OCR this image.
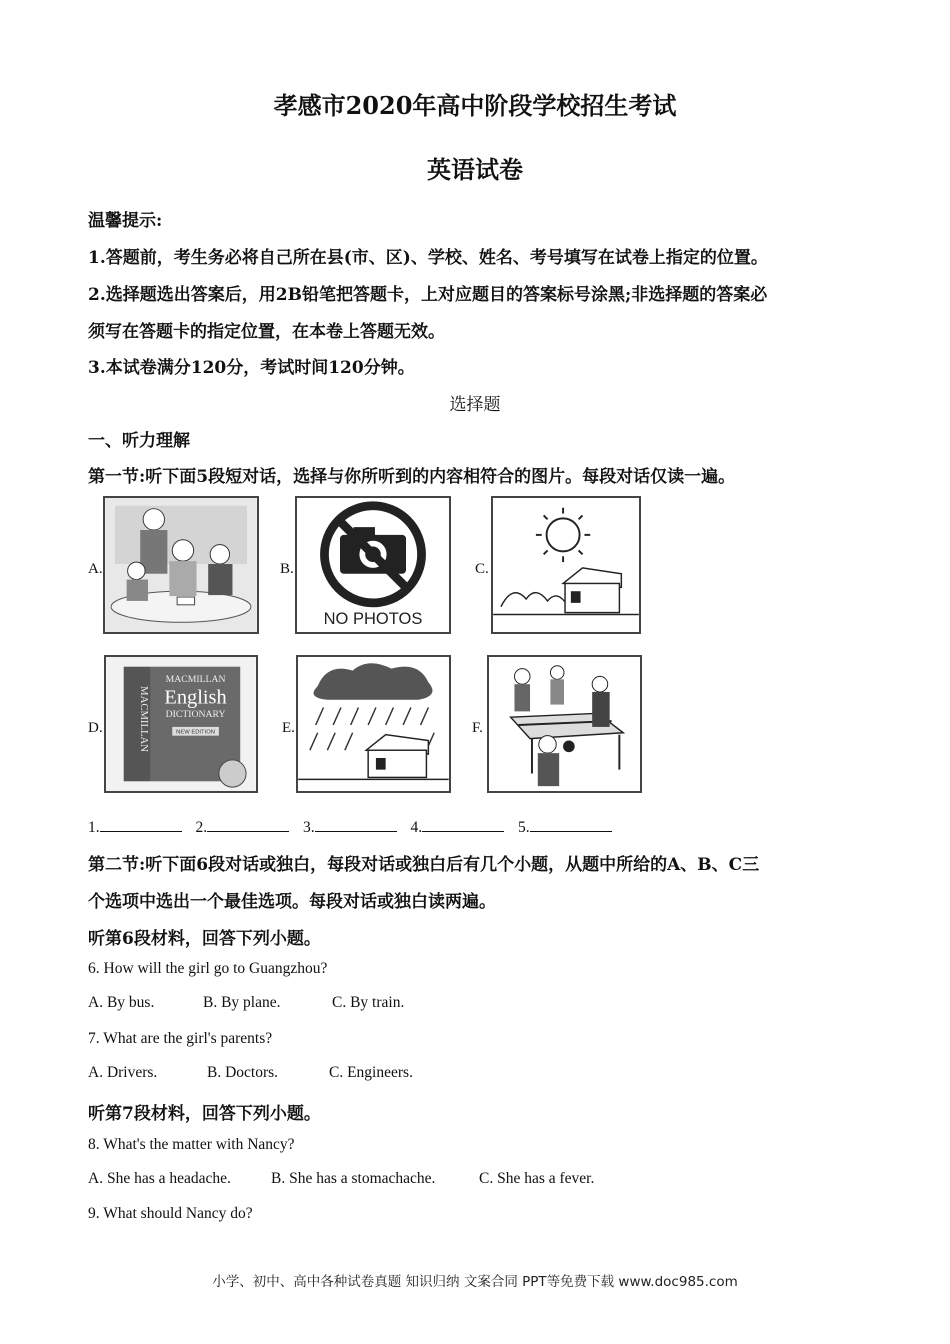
孝感市2020年高中阶段学校招生考试
英语试卷
温馨提示:
1.答题前，考生务必将自己所在县(市、区)、学校、姓名、考号填写在试卷上指定的位置。
2.选择题选出答案后，用2B铅笔把答题卡，上对应题目的答案标号涂黑;非选择题的答案必
须写在答题卡的指定位置，在本卷上答题无效。
3.本试卷满分120分，考试时间120分钟。
选择题
一、听力理解
第一节:听下面5段短对话，选择与你所听到的内容相符合的图片。每段对话仅读一遍。
A.	B.
NO PHOTOS
C.
D.
MACMILLAN
English
DICTIONARY
NEW EDITION
MACMILLAN	E.	F.
1.	2.	3.	4.	5.
第二节:听下面6段对话或独白，每段对话或独白后有几个小题，从题中所给的A、B、C三
个选项中选出一个最佳选项。每段对话或独白读两遍。
听第6段材料，回答下列小题。
6. How will the girl go to Guangzhou?
A. By bus.	B. By plane.	C. By train.
7. What are the girl's parents?
A. Drivers.	B. Doctors.	C. Engineers.
听第7段材料，回答下列小题。
8. What's the matter with Nancy?
A. She has a headache.	B. She has a stomachache.	C. She has a fever.
9. What should Nancy do?
小学、初中、高中各种试卷真题 知识归纳 文案合同 PPT等免费下载 www.doc985.com
